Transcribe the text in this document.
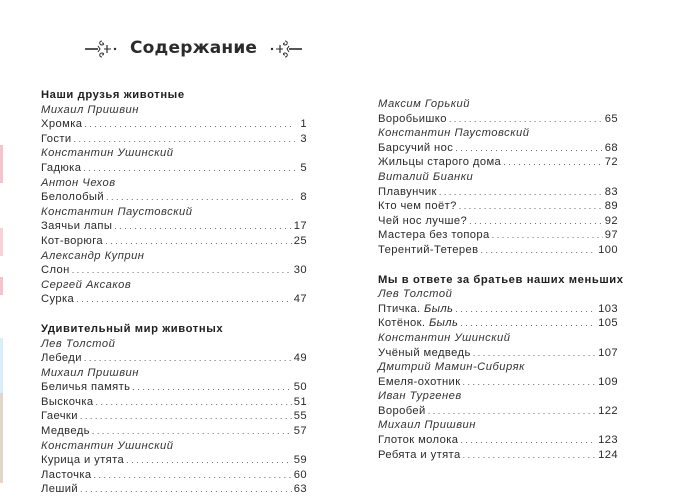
Содержание
Наши друзья животные
Михаил Пришвин
Хромка . . .	1
Гости . . .	3
Константин Ушинский
Гадюка . . .	5
Антон Чехов
Белолобый . . .	8
Константин Паустовский
Заячьи лапы . . .	17
Кот-ворюга . . .	25
Александр Куприн
Слон . . .	30
Сергей Аксаков
Сурка . . .	47
Удивительный мир животных
Лев Толстой
Лебеди . . .	49
Михаил Пришвин
Беличья память . . .	50
Выскочка . . .	51
Гаечки . . .	55
Медведь . . .	57
Константин Ушинский
Курица и утята . . .	59
Ласточка . . .	60
Леший . . .	63
Максим Горький
Воробьишко . . .	65
Константин Паустовский
Барсучий нос . . .	68
Жильцы старого дома . . .	72
Виталий Бианки
Плавунчик . . .	83
Кто чем поёт? . . .	89
Чей нос лучше? . . .	92
Мастера без топора . . .	97
Терентий-Тетерев . . .	100
Мы в ответе за братьев наших меньших
Лев Толстой
Птичка. Быль . . .	103
Котёнок. Быль . . .	105
Константин Ушинский
Учёный медведь . . .	107
Дмитрий Мамин-Сибиряк
Емеля-охотник . . .	109
Иван Тургенев
Воробей . . .	122
Михаил Пришвин
Глоток молока . . .	123
Ребята и утята . . .	124
